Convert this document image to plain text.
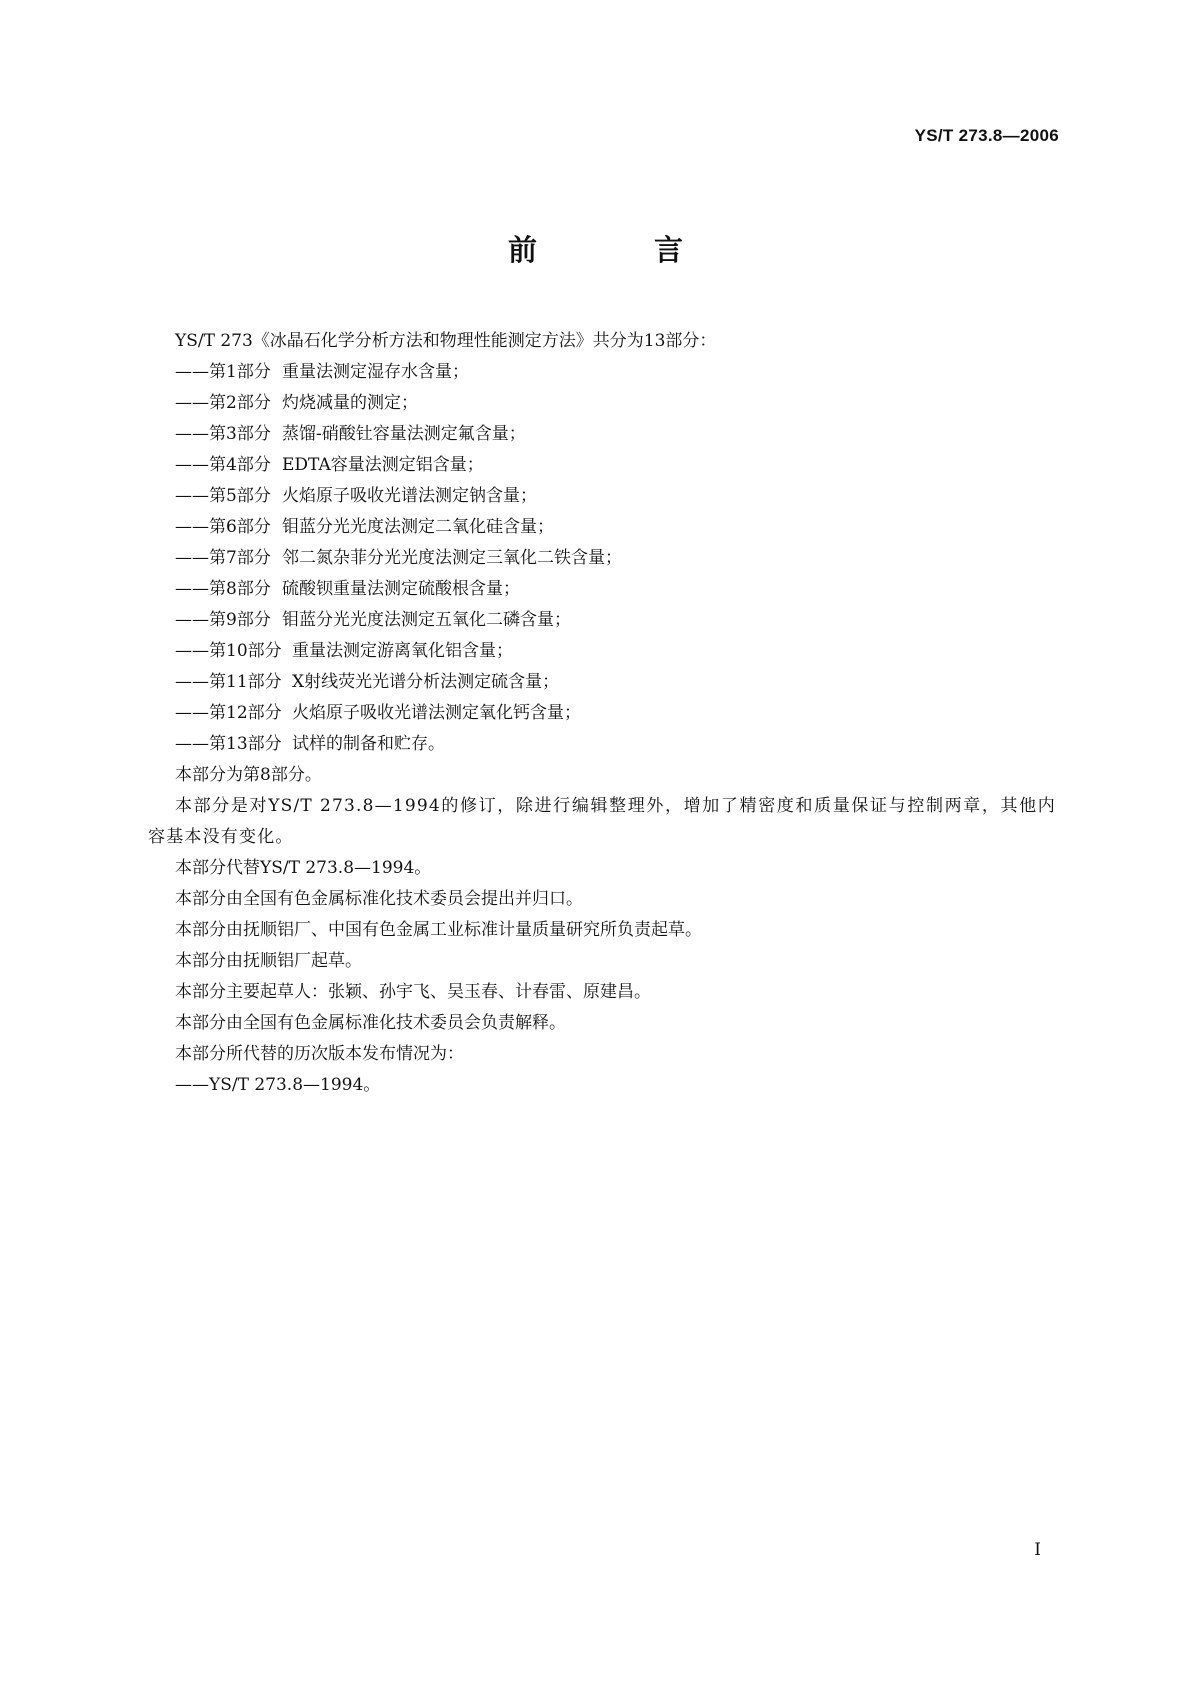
YS/T 273.8—2006
前　言
YS/T 273《冰晶石化学分析方法和物理性能测定方法》共分为13部分：
——第1部分 重量法测定湿存水含量；
——第2部分 灼烧减量的测定；
——第3部分 蒸馏-硝酸钍容量法测定氟含量；
——第4部分 EDTA容量法测定铝含量；
——第5部分 火焰原子吸收光谱法测定钠含量；
——第6部分 钼蓝分光光度法测定二氧化硅含量；
——第7部分 邻二氮杂菲分光光度法测定三氧化二铁含量；
——第8部分 硫酸钡重量法测定硫酸根含量；
——第9部分 钼蓝分光光度法测定五氧化二磷含量；
——第10部分 重量法测定游离氧化铝含量；
——第11部分 X射线荧光光谱分析法测定硫含量；
——第12部分 火焰原子吸收光谱法测定氧化钙含量；
——第13部分 试样的制备和贮存。
本部分为第8部分。
本部分是对YS/T 273.8—1994的修订，除进行编辑整理外，增加了精密度和质量保证与控制两章，其他内容基本没有变化。
本部分代替YS/T 273.8—1994。
本部分由全国有色金属标准化技术委员会提出并归口。
本部分由抚顺铝厂、中国有色金属工业标准计量质量研究所负责起草。
本部分由抚顺铝厂起草。
本部分主要起草人：张颖、孙宇飞、吴玉春、计春雷、原建昌。
本部分由全国有色金属标准化技术委员会负责解释。
本部分所代替的历次版本发布情况为：
——YS/T 273.8—1994。
I
